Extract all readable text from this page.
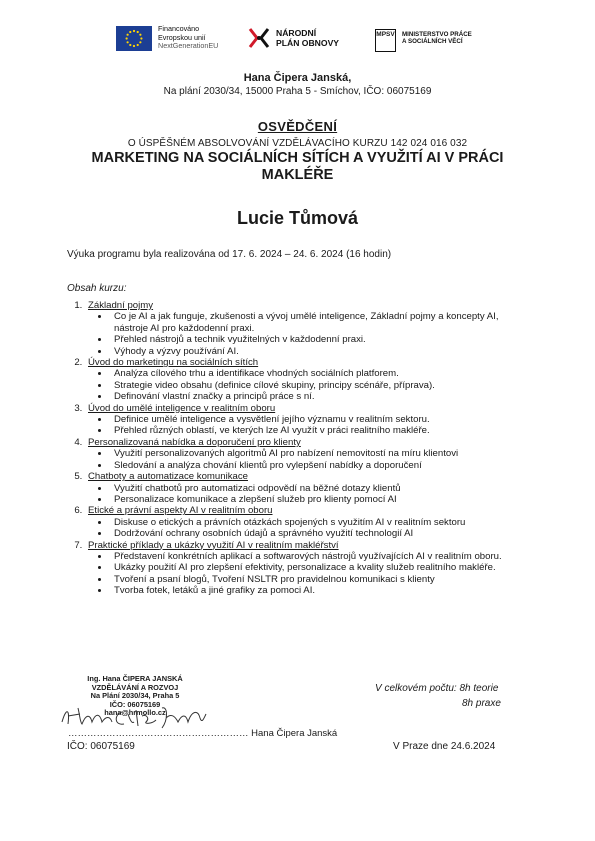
Financováno
Evropskou unií
NextGenerationEU
NÁRODNÍ
PLÁN OBNOVY
MPSV MINISTERSTVO PRÁCE
A SOCIÁLNÍCH VĚCÍ
Hana Čipera Janská,
Na plání 2030/34, 15000 Praha 5 - Smíchov, IČO: 06075169
OSVĚDČENÍ
O ÚSPĚŠNÉM ABSOLVOVÁNÍ VZDĚLÁVACÍHO KURZU 142 024 016 032
MARKETING NA SOCIÁLNÍCH SÍTÍCH A VYUŽITÍ AI V PRÁCI MAKLÉŘE
Lucie Tůmová
Výuka programu byla realizována od 17. 6. 2024 – 24. 6. 2024 (16 hodin)
Obsah kurzu:
1. Základní pojmy
• Co je AI a jak funguje, zkušenosti a vývoj umělé inteligence, Základní pojmy a koncepty AI, nástroje AI pro každodenní praxi.
• Přehled nástrojů a technik využitelných v každodenní praxi.
• Výhody a výzvy používání AI.
2. Úvod do marketingu na sociálních sítích
• Analýza cílového trhu a identifikace vhodných sociálních platforem.
• Strategie video obsahu (definice cílové skupiny, principy scénáře, příprava).
• Definování vlastní značky a principů práce s ní.
3. Úvod do umělé inteligence v realitním oboru
• Definice umělé inteligence a vysvětlení jejího významu v realitním sektoru.
• Přehled různých oblastí, ve kterých lze AI využít v práci realitního makléře.
4. Personalizovaná nabídka a doporučení pro klienty
• Využití personalizovaných algoritmů AI pro nabízení nemovitostí na míru klientovi
• Sledování a analýza chování klientů pro vylepšení nabídky a doporučení
5. Chatboty a automatizace komunikace
• Využití chatbotů pro automatizaci odpovědí na běžné dotazy klientů
• Personalizace komunikace a zlepšení služeb pro klienty pomocí AI
6. Etické a právní aspekty AI v realitním oboru
• Diskuse o etických a právních otázkách spojených s využitím AI v realitním sektoru
• Dodržování ochrany osobních údajů a správného využití technologií AI
7. Praktické příklady a ukázky využití AI v realitním makléřství
• Představení konkrétních aplikací a softwarových nástrojů využívajících AI v realitním oboru.
• Ukázky použití AI pro zlepšení efektivity, personalizace a kvality služeb realitního makléře.
• Tvoření a psaní blogů, Tvoření NSLTR pro pravidelnou komunikaci s klienty
• Tvorba fotek, letáků a jiné grafiky za pomoci AI.
Ing. Hana ČIPERA JANSKÁ
VZDĚLÁVÁNÍ A ROZVOJ
Na Plání 2030/34, Praha 5
IČO: 06075169
hana@hrmollo.cz
………………………………………………… Hana Čipera Janská
IČO: 06075169
V celkovém počtu: 8h teorie
8h praxe
V Praze dne 24.6.2024
